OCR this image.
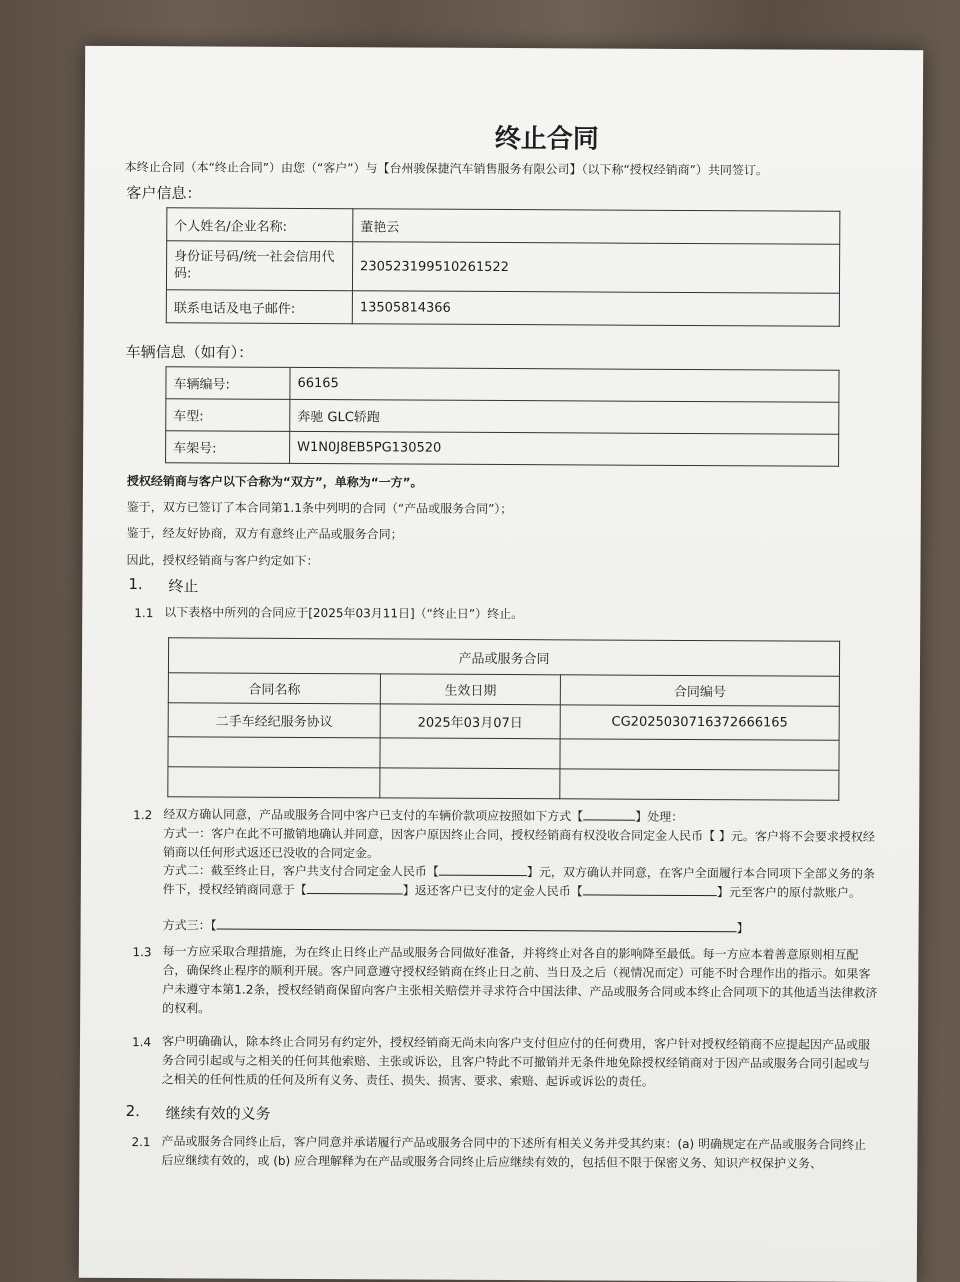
终止合同
本终止合同（本“终止合同”）由您（“客户”）与【台州骏保捷汽车销售服务有限公司】（以下称“授权经销商”）共同签订。
客户信息：
个人姓名/企业名称:	董艳云
身份证号码/统一社会信用代码:	230523199510261522
联系电话及电子邮件:	13505814366
车辆信息（如有）：
车辆编号:	66165
车型:	奔驰 GLC轿跑
车架号:	W1N0J8EB5PG130520
授权经销商与客户以下合称为“双方”，单称为“一方”。
鉴于，双方已签订了本合同第1.1条中列明的合同（“产品或服务合同”）；
鉴于，经友好协商，双方有意终止产品或服务合同；
因此，授权经销商与客户约定如下：
1. 终止
1.1 以下表格中所列的合同应于[2025年03月11日]（“终止日”）终止。
产品或服务合同		
合同名称	生效日期	合同编号
二手车经纪服务协议	2025年03月07日	CG2025030716372666165

1.2 经双方确认同意，产品或服务合同中客户已支付的车辆价款项应按照如下方式【	】处理：
方式一：客户在此不可撤销地确认并同意，因客户原因终止合同，授权经销商有权没收合同定金人民币【 】元。客户将不会要求授权经销商以任何形式返还已没收的合同定金。
方式二：截至终止日，客户共支付合同定金人民币【	】元，双方确认并同意，在客户全面履行本合同项下全部义务的条件下，授权经销商同意于【	】返还客户已支付的定金人民币【	】元至客户的原付款账户。
方式三：【	】
1.3 每一方应采取合理措施，为在终止日终止产品或服务合同做好准备，并将终止对各自的影响降至最低。每一方应本着善意原则相互配合，确保终止程序的顺利开展。客户同意遵守授权经销商在终止日之前、当日及之后（视情况而定）可能不时合理作出的指示。如果客户未遵守本第1.2条，授权经销商保留向客户主张相关赔偿并寻求符合中国法律、产品或服务合同或本终止合同项下的其他适当法律救济的权利。
1.4 客户明确确认，除本终止合同另有约定外，授权经销商无尚未向客户支付但应付的任何费用，客户针对授权经销商不应提起因产品或服务合同引起或与之相关的任何其他索赔、主张或诉讼，且客户特此不可撤销并无条件地免除授权经销商对于因产品或服务合同引起或与之相关的任何性质的任何及所有义务、责任、损失、损害、要求、索赔、起诉或诉讼的责任。
2. 继续有效的义务
2.1 产品或服务合同终止后，客户同意并承诺履行产品或服务合同中的下述所有相关义务并受其约束：(a) 明确规定在产品或服务合同终止后应继续有效的，或 (b) 应合理解释为在产品或服务合同终止后应继续有效的，包括但不限于保密义务、知识产权保护义务、
